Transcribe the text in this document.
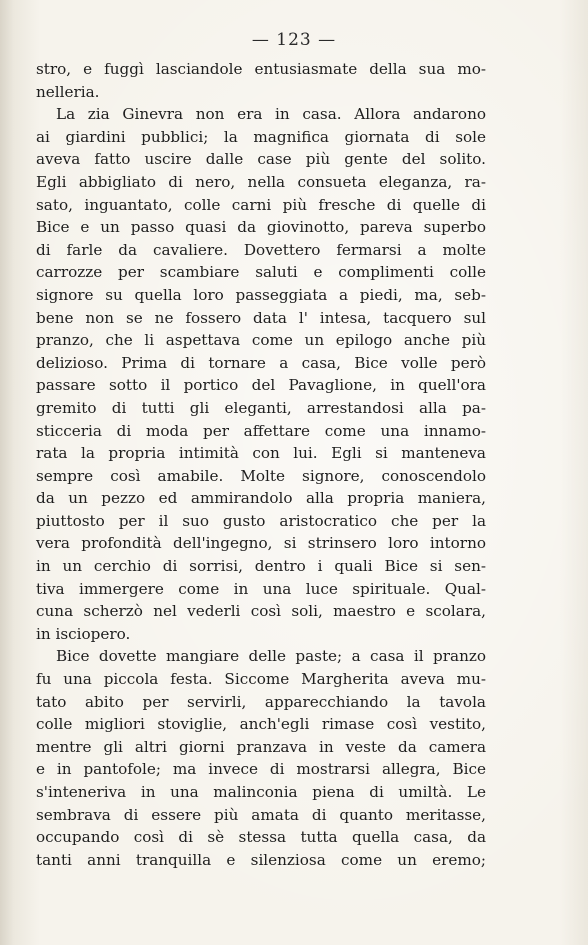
— 123 —
stro, e fuggì lasciandole entusiasmate della sua mo-
nelleria.
La zia Ginevra non era in casa. Allora andarono
ai giardini pubblici; la magnifica giornata di sole
aveva fatto uscire dalle case più gente del solito.
Egli abbigliato di nero, nella consueta eleganza, ra-
sato, inguantato, colle carni più fresche di quelle di
Bice e un passo quasi da giovinotto, pareva superbo
di farle da cavaliere. Dovettero fermarsi a molte
carrozze per scambiare saluti e complimenti colle
signore su quella loro passeggiata a piedi, ma, seb-
bene non se ne fossero data l' intesa, tacquero sul
pranzo, che li aspettava come un epilogo anche più
delizioso. Prima di tornare a casa, Bice volle però
passare sotto il portico del Pavaglione, in quell'ora
gremito di tutti gli eleganti, arrestandosi alla pa-
sticceria di moda per affettare come una innamo-
rata la propria intimità con lui. Egli si manteneva
sempre così amabile. Molte signore, conoscendolo
da un pezzo ed ammirandolo alla propria maniera,
piuttosto per il suo gusto aristocratico che per la
vera profondità dell'ingegno, si strinsero loro intorno
in un cerchio di sorrisi, dentro i quali Bice si sen-
tiva immergere come in una luce spirituale. Qual-
cuna scherzò nel vederli così soli, maestro e scolara,
in isciopero.
Bice dovette mangiare delle paste; a casa il pranzo
fu una piccola festa. Siccome Margherita aveva mu-
tato abito per servirli, apparecchiando la tavola
colle migliori stoviglie, anch'egli rimase così vestito,
mentre gli altri giorni pranzava in veste da camera
e in pantofole; ma invece di mostrarsi allegra, Bice
s'inteneriva in una malinconia piena di umiltà. Le
sembrava di essere più amata di quanto meritasse,
occupando così di sè stessa tutta quella casa, da
tanti anni tranquilla e silenziosa come un eremo;
